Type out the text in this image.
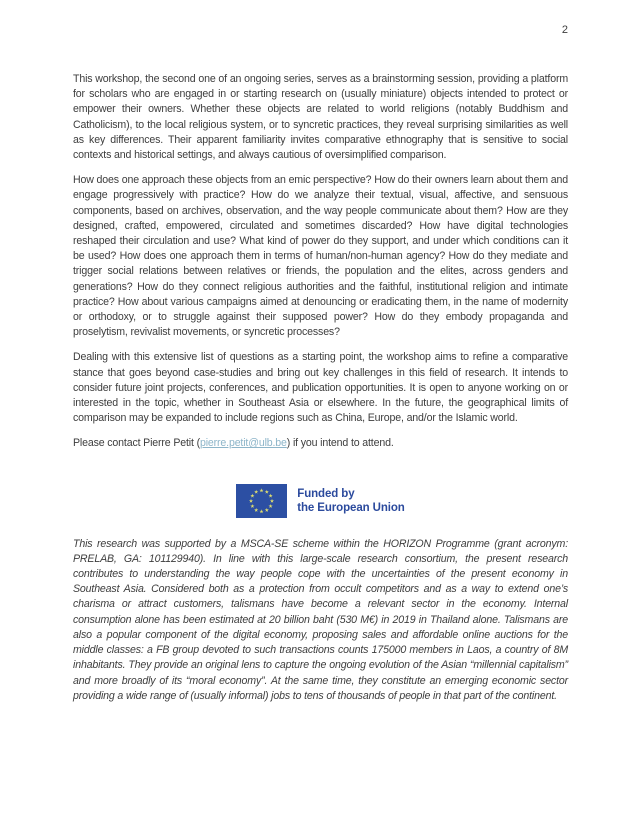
2

This workshop, the second one of an ongoing series, serves as a brainstorming session, providing a platform for scholars who are engaged in or starting research on (usually miniature) objects intended to protect or empower their owners. Whether these objects are related to world religions (notably Buddhism and Catholicism), to the local religious system, or to syncretic practices, they reveal surprising similarities as well as key differences. Their apparent familiarity invites comparative ethnography that is sensitive to social contexts and historical settings, and always cautious of oversimplified comparison.

How does one approach these objects from an emic perspective? How do their owners learn about them and engage progressively with practice? How do we analyze their textual, visual, affective, and sensuous components, based on archives, observation, and the way people communicate about them? How are they designed, crafted, empowered, circulated and sometimes discarded? How have digital technologies reshaped their circulation and use? What kind of power do they support, and under which conditions can it be used? How does one approach them in terms of human/non-human agency? How do they mediate and trigger social relations between relatives or friends, the population and the elites, across genders and generations? How do they connect religious authorities and the faithful, institutional religion and intimate practice? How about various campaigns aimed at denouncing or eradicating them, in the name of modernity or orthodoxy, or to struggle against their supposed power? How do they embody propaganda and proselytism, revivalist movements, or syncretic processes?

Dealing with this extensive list of questions as a starting point, the workshop aims to refine a comparative stance that goes beyond case-studies and bring out key challenges in this field of research. It intends to consider future joint projects, conferences, and publication opportunities. It is open to anyone working on or interested in the topic, whether in Southeast Asia or elsewhere. In the future, the geographical limits of comparison may be expanded to include regions such as China, Europe, and/or the Islamic world.

Please contact Pierre Petit (pierre.petit@ulb.be) if you intend to attend.

Funded by
the European Union

This research was supported by a MSCA-SE scheme within the HORIZON Programme (grant acronym: PRELAB, GA: 101129940). In line with this large-scale research consortium, the present research contributes to understanding the way people cope with the uncertainties of the present economy in Southeast Asia. Considered both as a protection from occult competitors and as a way to extend one’s charisma or attract customers, talismans have become a relevant sector in the economy. Internal consumption alone has been estimated at 20 billion baht (530 M€) in 2019 in Thailand alone. Talismans are also a popular component of the digital economy, proposing sales and affordable online auctions for the middle classes: a FB group devoted to such transactions counts 175000 members in Laos, a country of 8M inhabitants. They provide an original lens to capture the ongoing evolution of the Asian “millennial capitalism” and more broadly of its “moral economy”. At the same time, they constitute an emerging economic sector providing a wide range of (usually informal) jobs to tens of thousands of people in that part of the continent.
